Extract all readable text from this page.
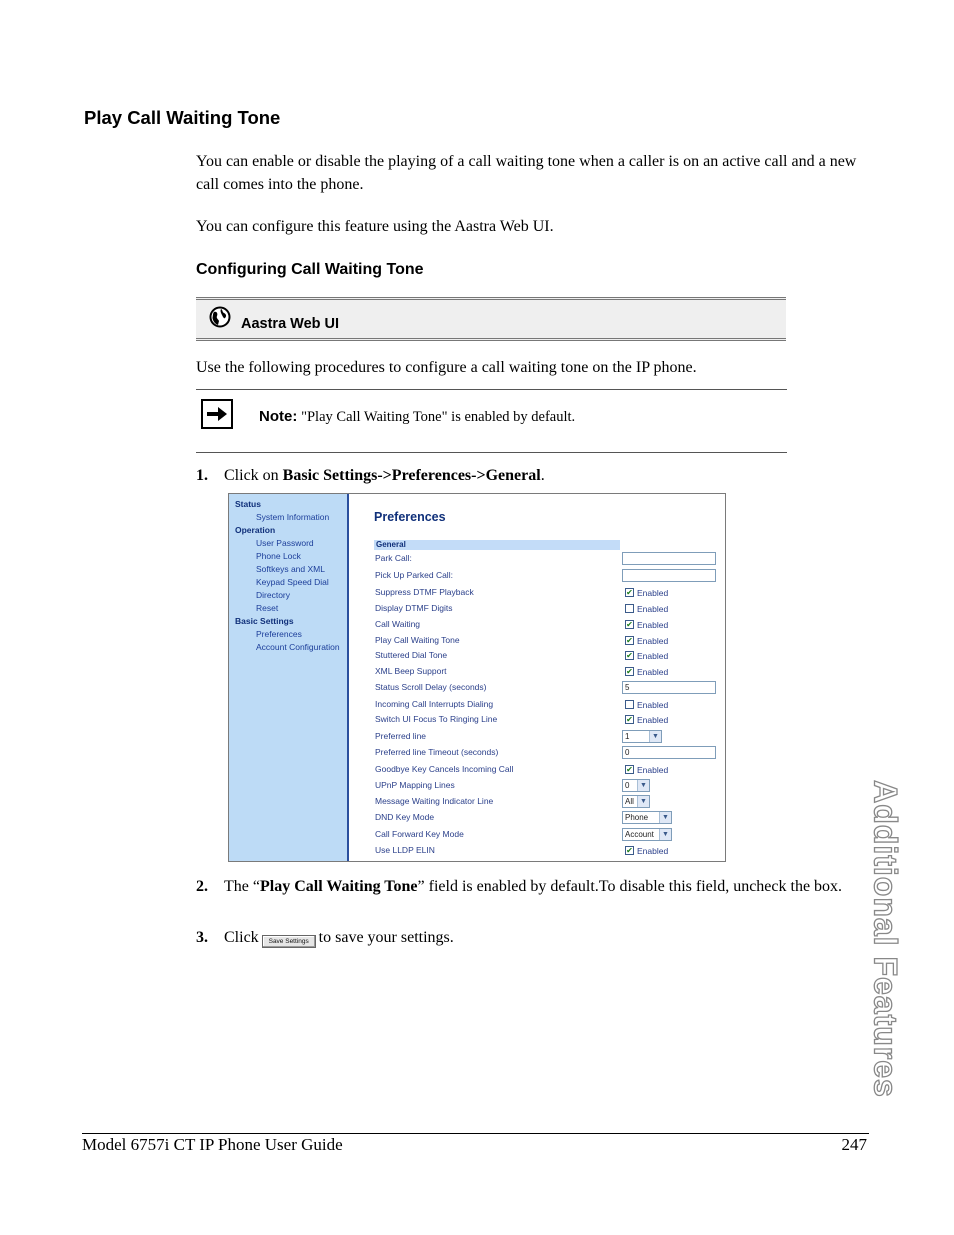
Play Call Waiting Tone
You can enable or disable the playing of a call waiting tone when a caller is on an active call and a new call comes into the phone.
You can configure this feature using the Aastra Web UI.
Configuring Call Waiting Tone
Aastra Web UI
Use the following procedures to configure a call waiting tone on the IP phone.
Note: "Play Call Waiting Tone" is enabled by default.
1. Click on Basic Settings->Preferences->General.
Status
System Information
Operation
User Password
Phone Lock
Softkeys and XML
Keypad Speed Dial
Directory
Reset
Basic Settings
Preferences
Account Configuration
Preferences
General
Park Call:
Pick Up Parked Call:
Suppress DTMF Playback	✔ Enabled
Display DTMF Digits	Enabled
Call Waiting	✔ Enabled
Play Call Waiting Tone	✔ Enabled
Stuttered Dial Tone	✔ Enabled
XML Beep Support	✔ Enabled
Status Scroll Delay (seconds)	5
Incoming Call Interrupts Dialing	Enabled
Switch UI Focus To Ringing Line	✔ Enabled
Preferred line	1	▼
Preferred line Timeout (seconds)	0
Goodbye Key Cancels Incoming Call	✔ Enabled
UPnP Mapping Lines	0	▼
Message Waiting Indicator Line	All ▼
DND Key Mode	Phone	▼
Call Forward Key Mode	Account	▼
Use LLDP ELIN	✔ Enabled
2. The “Play Call Waiting Tone” field is enabled by default.To disable this field, uncheck the box.
3. Click Save Settings to save your settings.	Additional Features
Model 6757i CT IP Phone User Guide	247
